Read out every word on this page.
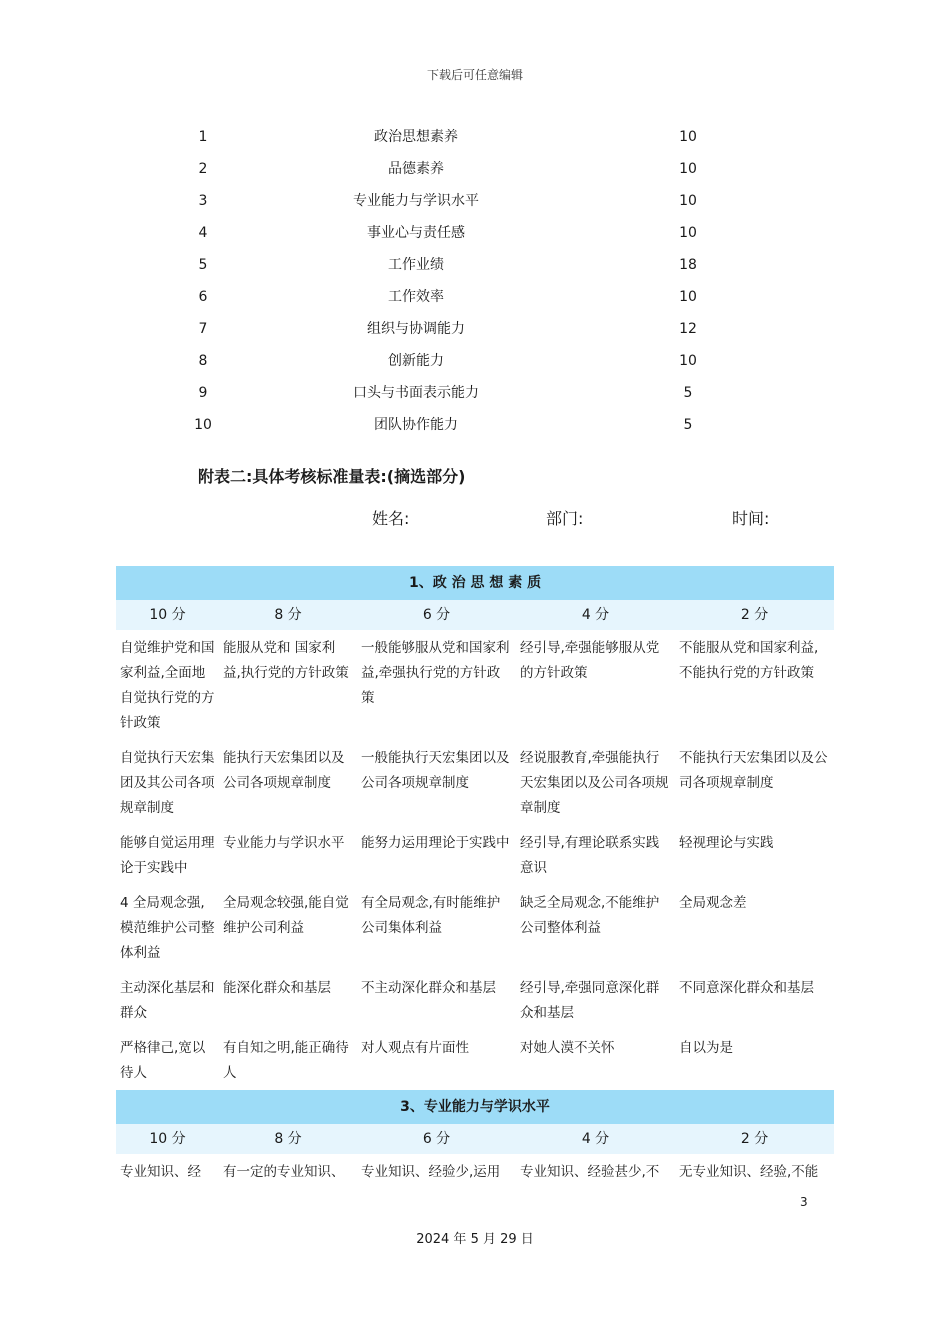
下载后可任意编辑
1	政治思想素养	10
2	品德素养	10
3	专业能力与学识水平	10
4	事业心与责任感	10
5	工作业绩	18
6	工作效率	10
7	组织与协调能力	12
8	创新能力	10
9	口头与书面表示能力	5
10	团队协作能力	5
附表二:具体考核标准量表:(摘选部分)
姓名:	部门:	时间:
1、政 治 思 想 素 质				
10 分	8 分	6 分	4 分	2 分
自觉维护党和国家利益,全面地自觉执行党的方针政策	能服从党和 国家利益,执行党的方针政策	一般能够服从党和国家利益,牵强执行党的方针政策	经引导,牵强能够服从党的方针政策	不能服从党和国家利益,不能执行党的方针政策
自觉执行天宏集团及其公司各项规章制度	能执行天宏集团以及公司各项规章制度	一般能执行天宏集团以及公司各项规章制度	经说服教育,牵强能执行天宏集团以及公司各项规章制度	不能执行天宏集团以及公司各项规章制度
能够自觉运用理论于实践中	专业能力与学识水平	能努力运用理论于实践中	经引导,有理论联系实践意识	轻视理论与实践
4 全局观念强,模范维护公司整体利益	全局观念较强,能自觉维护公司利益	有全局观念,有时能维护公司集体利益	缺乏全局观念,不能维护公司整体利益	全局观念差
主动深化基层和群众	能深化群众和基层	不主动深化群众和基层	经引导,牵强同意深化群众和基层	不同意深化群众和基层
严格律己,宽以待人	有自知之明,能正确待人	对人观点有片面性	对她人漠不关怀	自以为是
3、专业能力与学识水平				
10 分	8 分	6 分	4 分	2 分
专业知识、经	有一定的专业知识、	专业知识、经验少,运用	专业知识、经验甚少,不	无专业知识、经验,不能
3
2024 年 5 月 29 日
